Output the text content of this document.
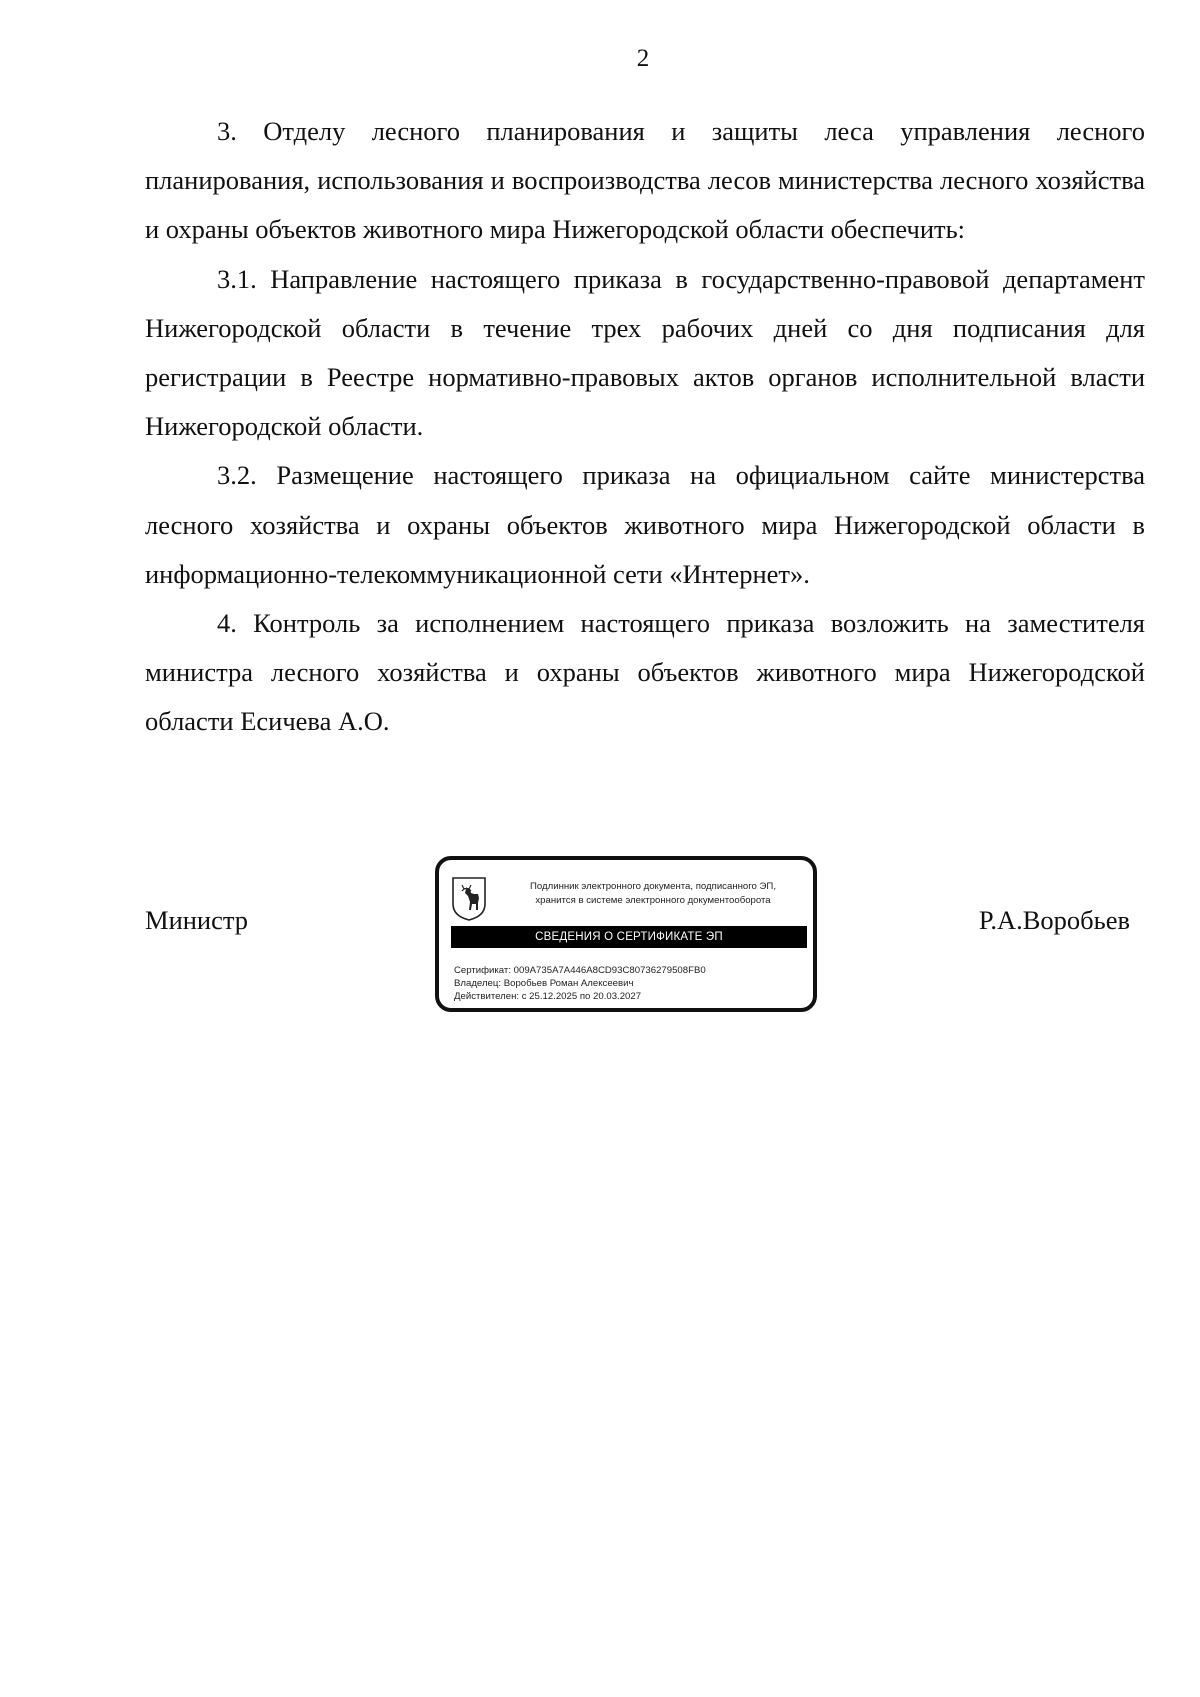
2

3. Отделу лесного планирования и защиты леса управления лесного планирования, использования и воспроизводства лесов министерства лесного хозяйства и охраны объектов животного мира Нижегородской области обеспечить:

3.1. Направление настоящего приказа в государственно-правовой департамент Нижегородской области в течение трех рабочих дней со дня подписания для регистрации в Реестре нормативно-правовых актов органов исполнительной власти Нижегородской области.

3.2. Размещение настоящего приказа на официальном сайте министерства лесного хозяйства и охраны объектов животного мира Нижегородской области в информационно-телекоммуникационной сети «Интернет».

4. Контроль за исполнением настоящего приказа возложить на заместителя министра лесного хозяйства и охраны объектов животного мира Нижегородской области Есичева А.О.

Министр	Р.А.Воробьев
Подлинник электронного документа, подписанного ЭП,
хранится в системе электронного документооборота
СВЕДЕНИЯ О СЕРТИФИКАТЕ ЭП
Сертификат: 009A735A7A446A8CD93C80736279508FB0
Владелец: Воробьев Роман Алексеевич
Действителен: с 25.12.2025 по 20.03.2027
